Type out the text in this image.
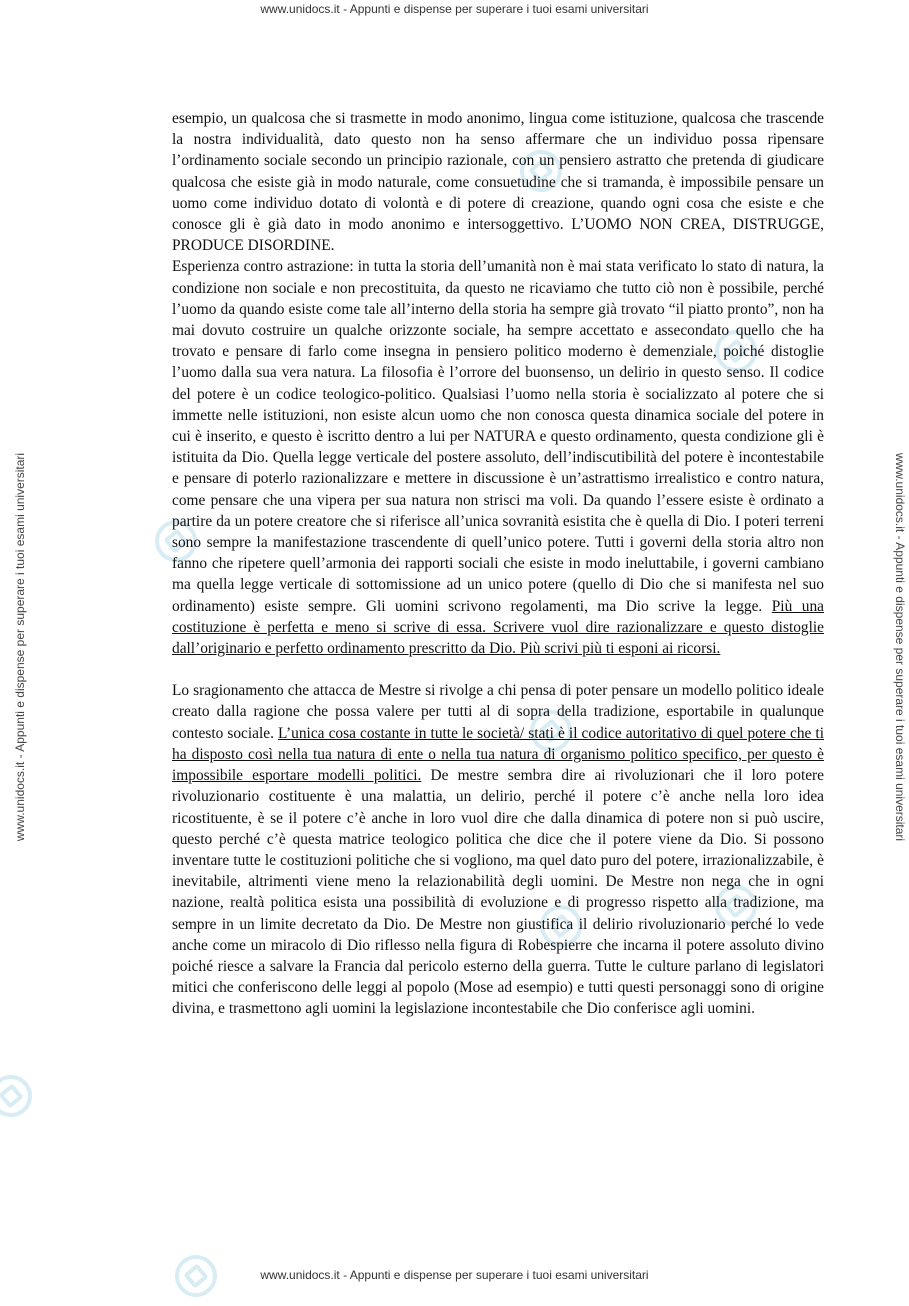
www.unidocs.it - Appunti e dispense per superare i tuoi esami universitari
www.unidocs.it - Appunti e dispense per superare i tuoi esami universitari
www.unidocs.it - Appunti e dispense per superare i tuoi esami universitari	www.unidocs.it - Appunti e dispense per superare i tuoi esami universitari

esempio, un qualcosa che si trasmette in modo anonimo, lingua come istituzione, qualcosa che trascende la nostra individualità, dato questo non ha senso affermare che un individuo possa ripensare l’ordinamento sociale secondo un principio razionale, con un pensiero astratto che pretenda di giudicare qualcosa che esiste già in modo naturale, come consuetudine che si tramanda, è impossibile pensare un uomo come individuo dotato di volontà e di potere di creazione, quando ogni cosa che esiste e che conosce gli è già dato in modo anonimo e intersoggettivo. L’UOMO NON CREA, DISTRUGGE, PRODUCE DISORDINE.

Esperienza contro astrazione: in tutta la storia dell’umanità non è mai stata verificato lo stato di natura, la condizione non sociale e non precostituita, da questo ne ricaviamo che tutto ciò non è possibile, perché l’uomo da quando esiste come tale all’interno della storia ha sempre già trovato “il piatto pronto”, non ha mai dovuto costruire un qualche orizzonte sociale, ha sempre accettato e assecondato quello che ha trovato e pensare di farlo come insegna in pensiero politico moderno è demenziale, poiché distoglie l’uomo dalla sua vera natura. La filosofia è l’orrore del buonsenso, un delirio in questo senso. Il codice del potere è un codice teologico-politico. Qualsiasi l’uomo nella storia è socializzato al potere che si immette nelle istituzioni, non esiste alcun uomo che non conosca questa dinamica sociale del potere in cui è inserito, e questo è iscritto dentro a lui per NATURA e questo ordinamento, questa condizione gli è istituita da Dio. Quella legge verticale del postere assoluto, dell’indiscutibilità del potere è incontestabile e pensare di poterlo razionalizzare e mettere in discussione è un’astrattismo irrealistico e contro natura, come pensare che una vipera per sua natura non strisci ma voli. Da quando l’essere esiste è ordinato a partire da un potere creatore che si riferisce all’unica sovranità esistita che è quella di Dio. I poteri terreni sono sempre la manifestazione trascendente di quell’unico potere. Tutti i governi della storia altro non fanno che ripetere quell’armonia dei rapporti sociali che esiste in modo ineluttabile, i governi cambiano ma quella legge verticale di sottomissione ad un unico potere (quello di Dio che si manifesta nel suo ordinamento) esiste sempre. Gli uomini scrivono regolamenti, ma Dio scrive la legge. Più una costituzione è perfetta e meno si scrive di essa. Scrivere vuol dire razionalizzare e questo distoglie dall’originario e perfetto ordinamento prescritto da Dio. Più scrivi più ti esponi ai ricorsi.

Lo sragionamento che attacca de Mestre si rivolge a chi pensa di poter pensare un modello politico ideale creato dalla ragione che possa valere per tutti al di sopra della tradizione, esportabile in qualunque contesto sociale. L’unica cosa costante in tutte le società/ stati è il codice autoritativo di quel potere che ti ha disposto così nella tua natura di ente o nella tua natura di organismo politico specifico, per questo è impossibile esportare modelli politici. De mestre sembra dire ai rivoluzionari che il loro potere rivoluzionario costituente è una malattia, un delirio, perché il potere c’è anche nella loro idea ricostituente, è se il potere c’è anche in loro vuol dire che dalla dinamica di potere non si può uscire, questo perché c’è questa matrice teologico politica che dice che il potere viene da Dio. Si possono inventare tutte le costituzioni politiche che si vogliono, ma quel dato puro del potere, irrazionalizzabile, è inevitabile, altrimenti viene meno la relazionabilità degli uomini. De Mestre non nega che in ogni nazione, realtà politica esista una possibilità di evoluzione e di progresso rispetto alla tradizione, ma sempre in un limite decretato da Dio. De Mestre non giustifica il delirio rivoluzionario perché lo vede anche come un miracolo di Dio riflesso nella figura di Robespierre che incarna il potere assoluto divino poiché riesce a salvare la Francia dal pericolo esterno della guerra. Tutte le culture parlano di legislatori mitici che conferiscono delle leggi al popolo (Mose ad esempio) e tutti questi personaggi sono di origine divina, e trasmettono agli uomini la legislazione incontestabile che Dio conferisce agli uomini.
